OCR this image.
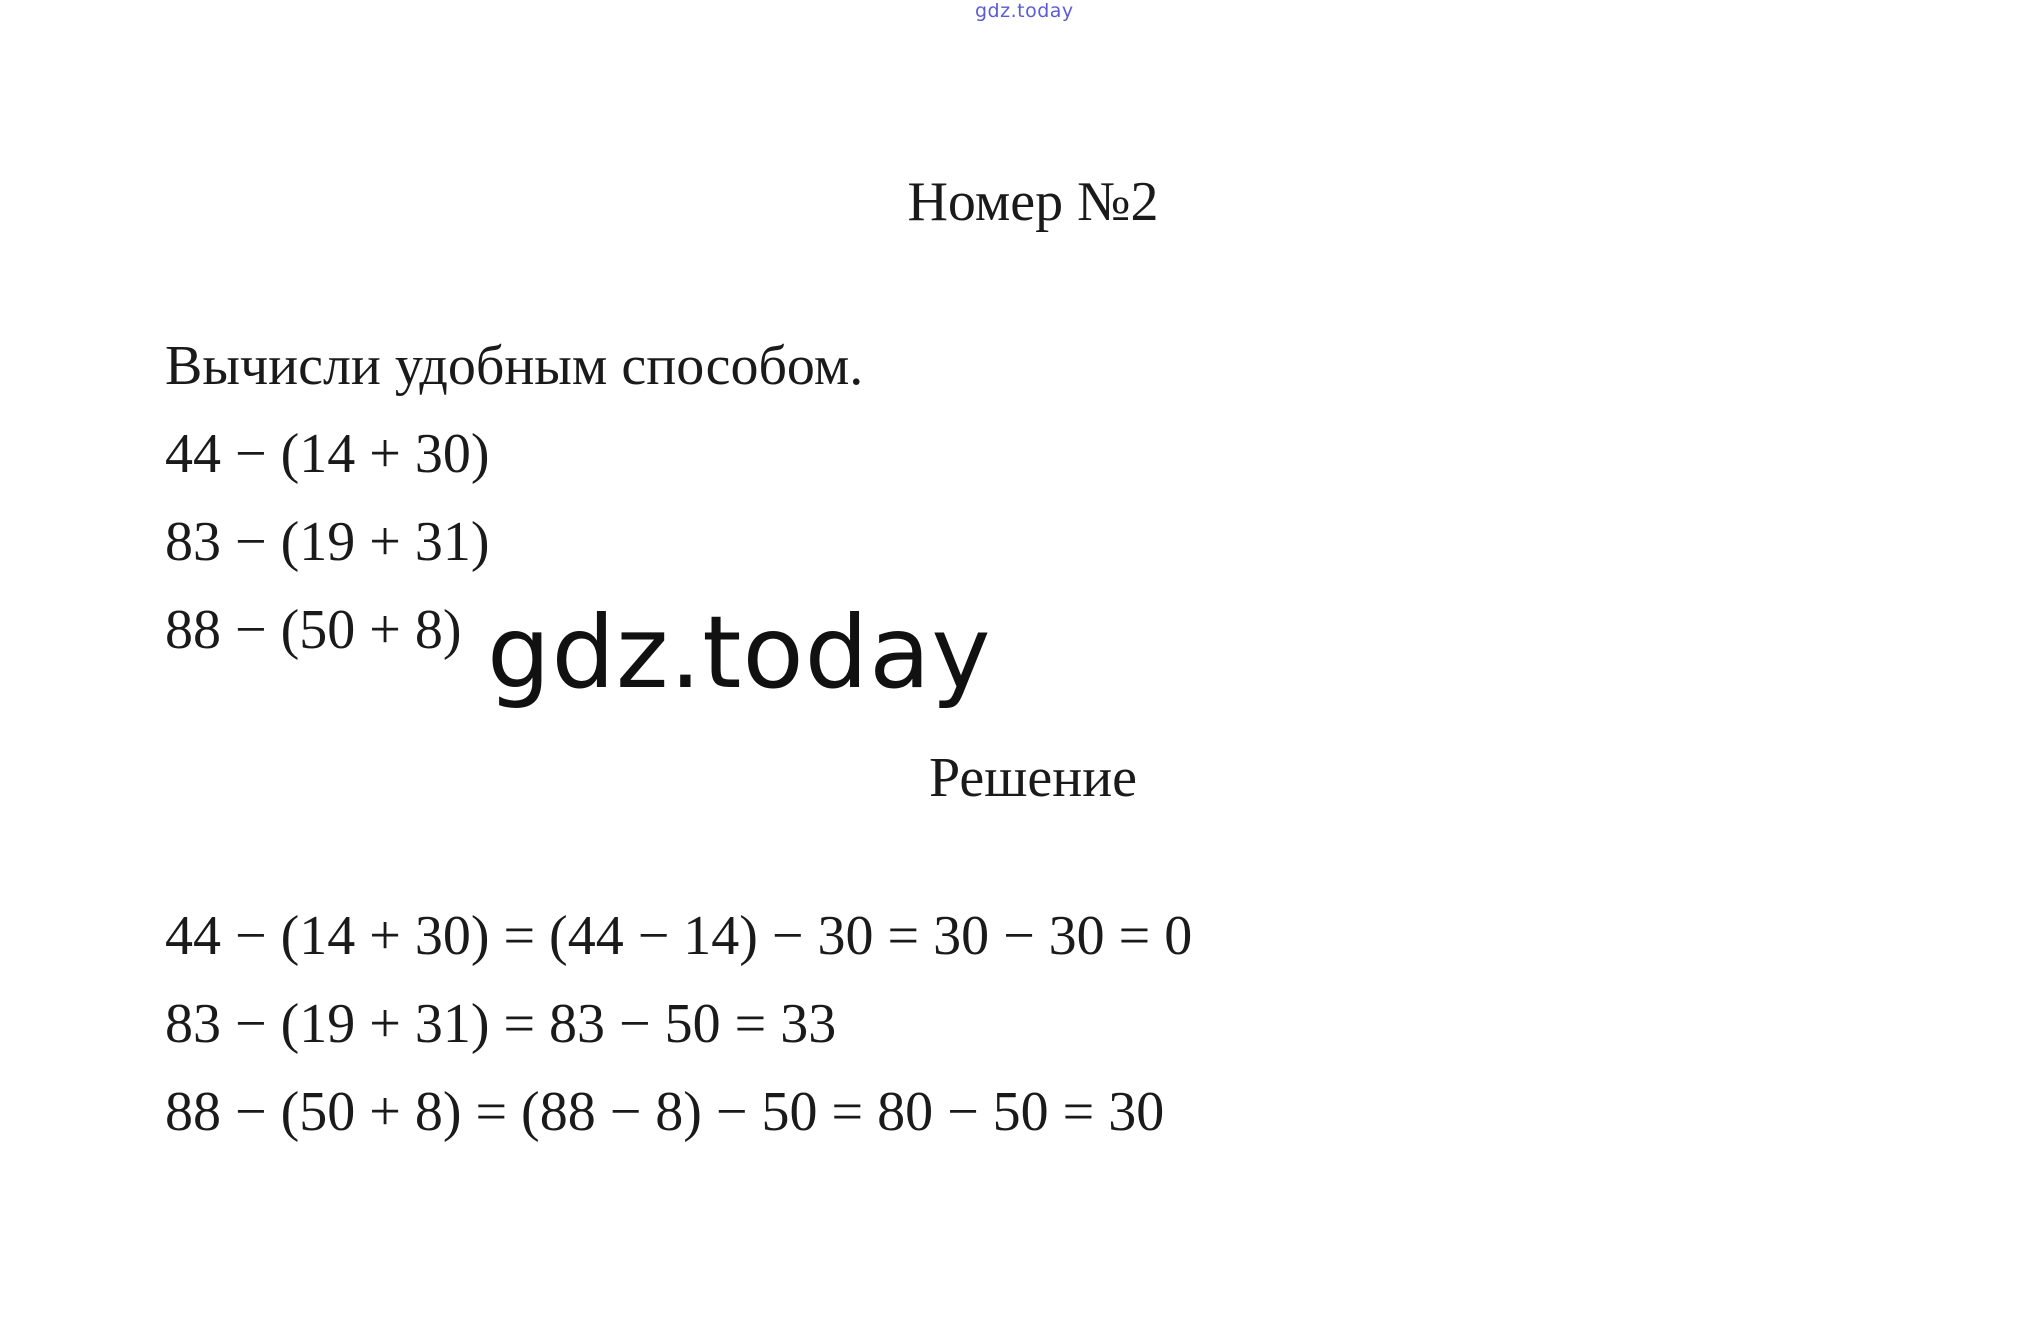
gdz.today
Номер №2
Вычисли удобным способом.
44 − (14 + 30)
83 − (19 + 31)
88 − (50 + 8) gdz.today
Решение
44 − (14 + 30) = (44 − 14) − 30 = 30 − 30 = 0
83 − (19 + 31) = 83 − 50 = 33
88 − (50 + 8) = (88 − 8) − 50 = 80 − 50 = 30
